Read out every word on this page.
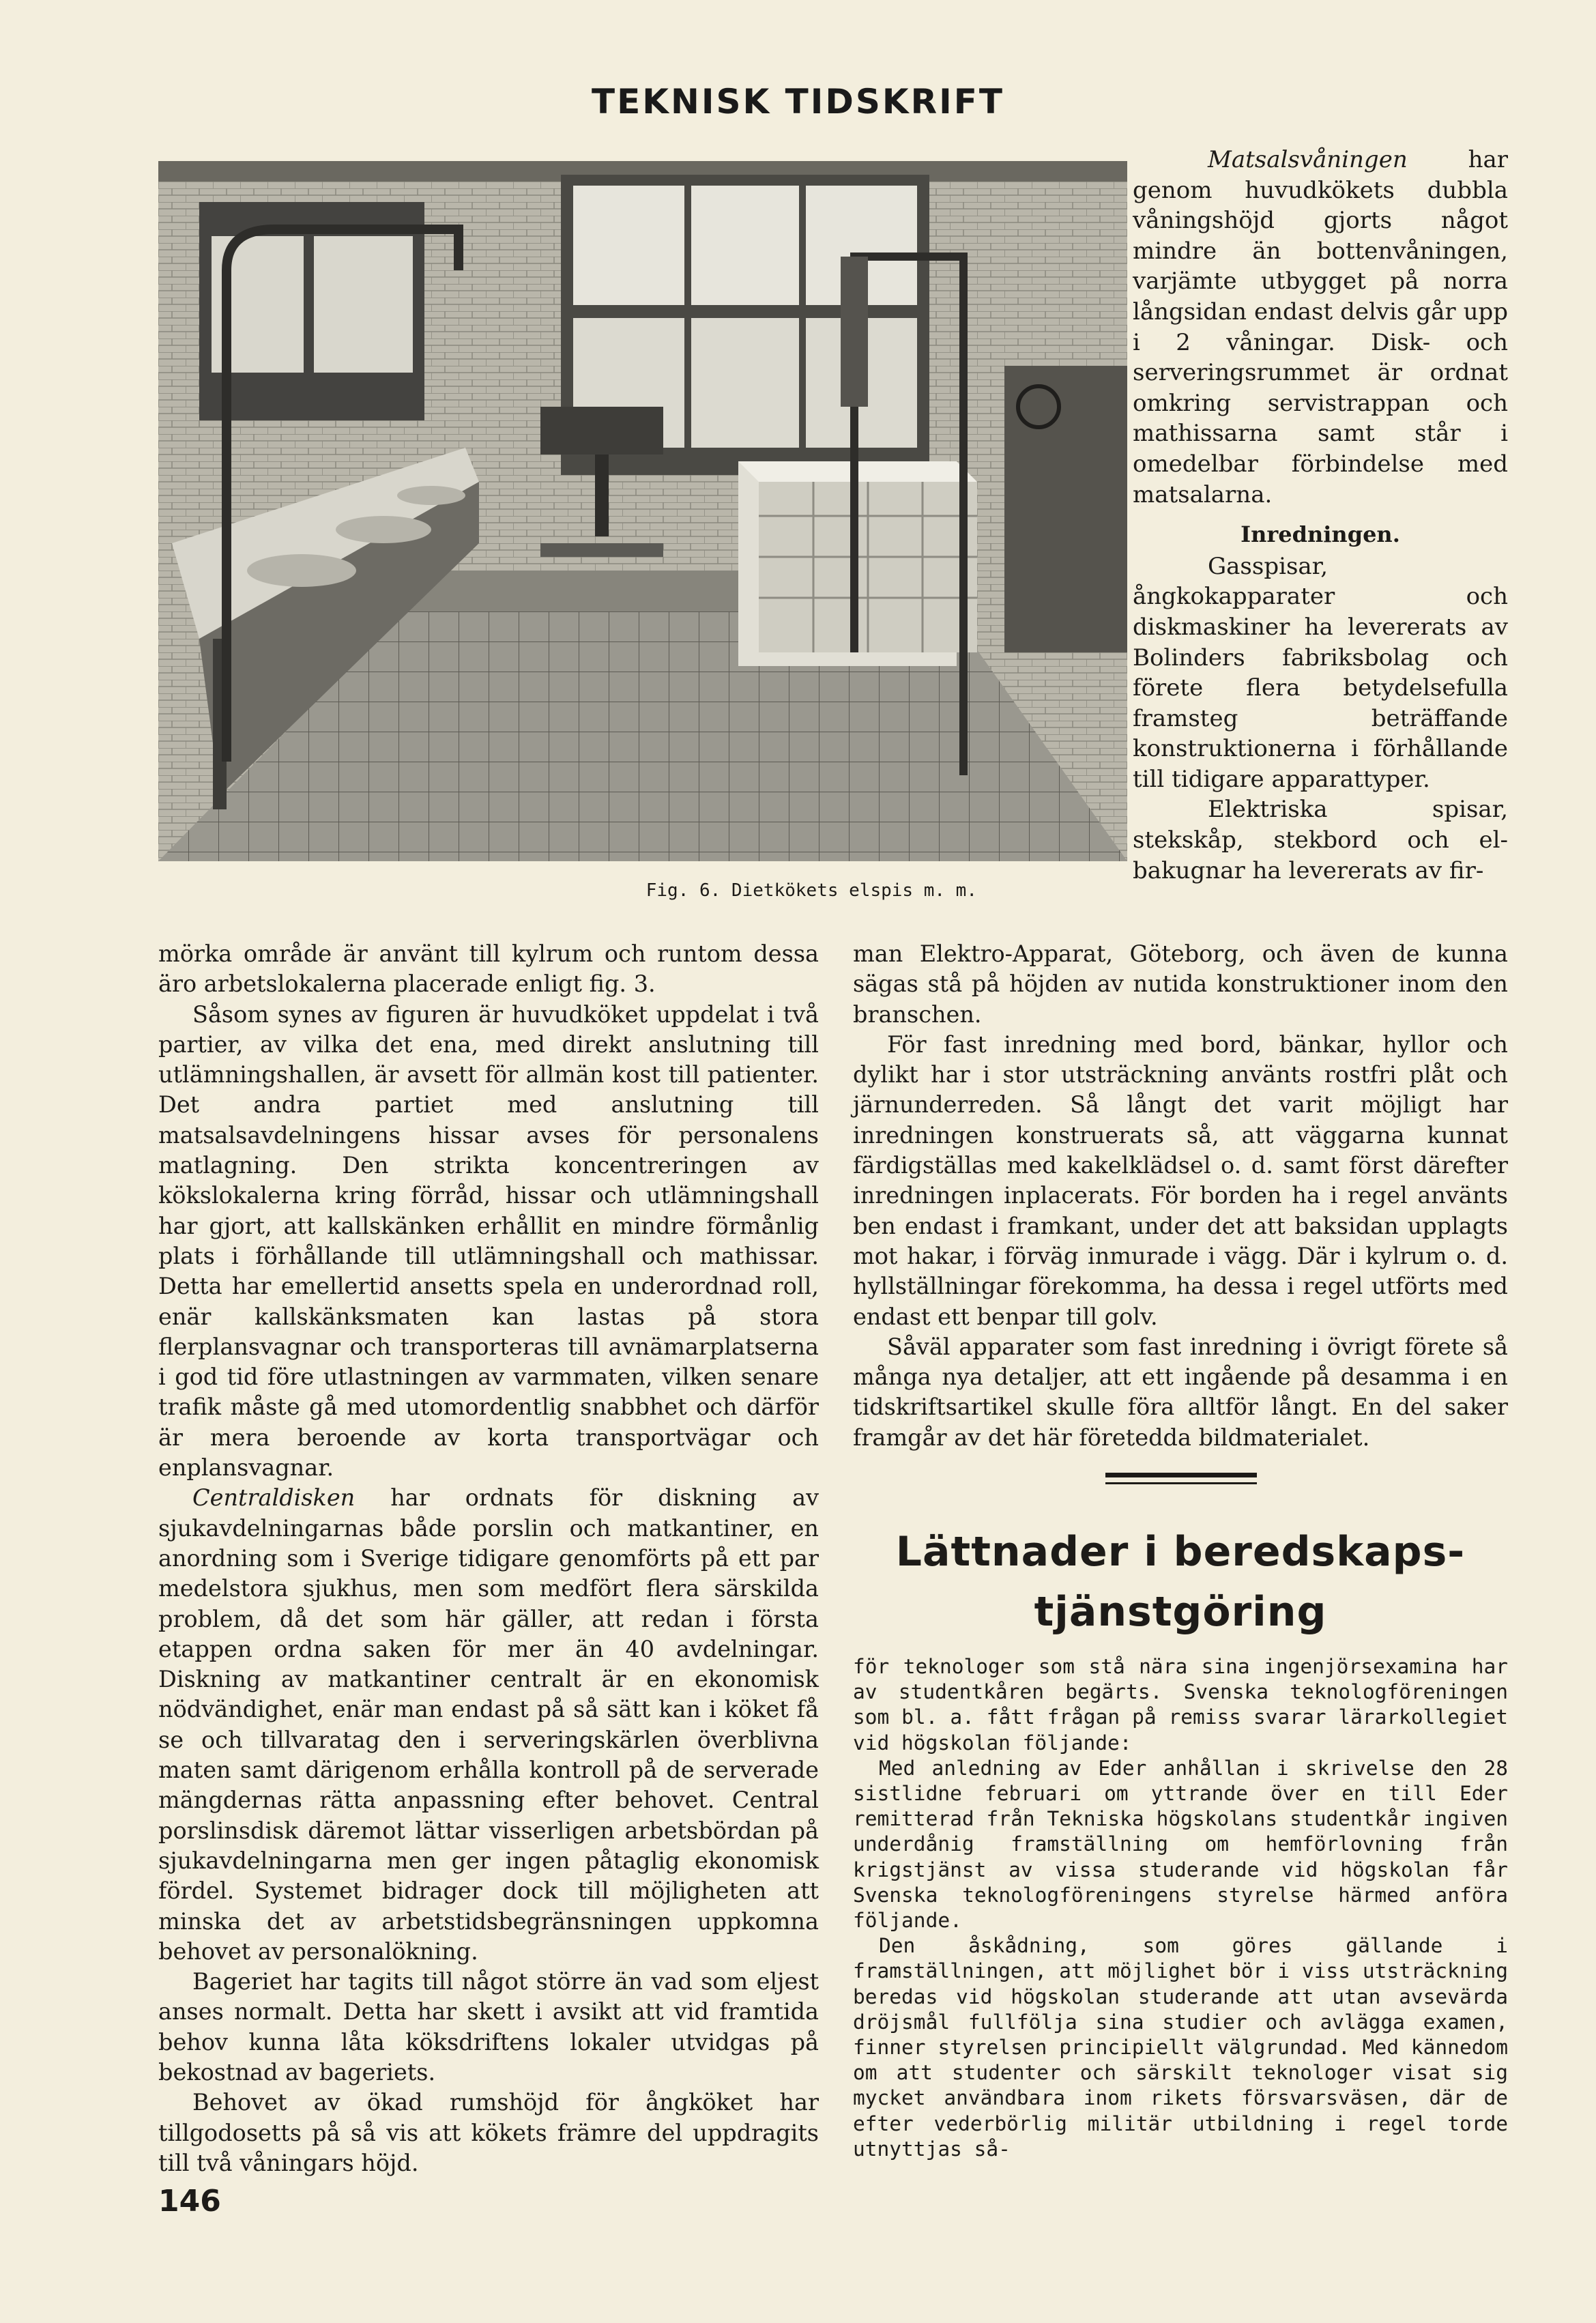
TEKNISK TIDSKRIFT
Fig. 6. Dietkökets elspis m. m.

Matsalsvåningen har genom huvudkökets dubbla våningshöjd gjorts något mindre än bottenvåningen, varjämte utbygget på norra långsidan endast delvis går upp i 2 våningar. Disk- och serveringsrummet är ordnat omkring servistrappan och mathissarna samt står i omedelbar förbindelse med matsalarna.

Inredningen.

Gasspisar, ångkokapparater och diskmaskiner ha levererats av Bolinders fabriksbolag och förete flera betydelsefulla framsteg beträffande konstruktionerna i förhållande till tidigare apparattyper.

Elektriska spisar, stekskåp, stekbord och el-bakugnar ha levererats av fir-

mörka område är använt till kylrum och runtom dessa äro arbetslokalerna placerade enligt fig. 3.

Såsom synes av figuren är huvudköket uppdelat i två partier, av vilka det ena, med direkt anslutning till utlämningshallen, är avsett för allmän kost till patienter. Det andra partiet med anslutning till matsalsavdelningens hissar avses för personalens matlagning. Den strikta koncentreringen av kökslokalerna kring förråd, hissar och utlämningshall har gjort, att kallskänken erhållit en mindre förmånlig plats i förhållande till utlämningshall och mathissar. Detta har emellertid ansetts spela en underordnad roll, enär kallskänksmaten kan lastas på stora flerplansvagnar och transporteras till avnämarplatserna i god tid före utlastningen av varmmaten, vilken senare trafik måste gå med utomordentlig snabbhet och därför är mera beroende av korta transportvägar och enplansvagnar.

Centraldisken har ordnats för diskning av sjukavdelningarnas både porslin och matkantiner, en anordning som i Sverige tidigare genomförts på ett par medelstora sjukhus, men som medfört flera särskilda problem, då det som här gäller, att redan i första etappen ordna saken för mer än 40 avdelningar. Diskning av matkantiner centralt är en ekonomisk nödvändighet, enär man endast på så sätt kan i köket få se och tillvaratag den i serveringskärlen överblivna maten samt därigenom erhålla kontroll på de serverade mängdernas rätta anpassning efter behovet. Central porslinsdisk däremot lättar visserligen arbetsbördan på sjukavdelningarna men ger ingen påtaglig ekonomisk fördel. Systemet bidrager dock till möjligheten att minska det av arbetstidsbegränsningen uppkomna behovet av personalökning.

Bageriet har tagits till något större än vad som eljest anses normalt. Detta har skett i avsikt att vid framtida behov kunna låta köksdriftens lokaler utvidgas på bekostnad av bageriets.

Behovet av ökad rumshöjd för ångköket har tillgodosetts på så vis att kökets främre del uppdragits till två våningars höjd.

man Elektro-Apparat, Göteborg, och även de kunna sägas stå på höjden av nutida konstruktioner inom den branschen.

För fast inredning med bord, bänkar, hyllor och dylikt har i stor utsträckning använts rostfri plåt och järnunderreden. Så långt det varit möjligt har inredningen konstruerats så, att väggarna kunnat färdigställas med kakelklädsel o. d. samt först därefter inredningen inplacerats. För borden ha i regel använts ben endast i framkant, under det att baksidan upplagts mot hakar, i förväg inmurade i vägg. Där i kylrum o. d. hyllställningar förekomma, ha dessa i regel utförts med endast ett benpar till golv.

Såväl apparater som fast inredning i övrigt förete så många nya detaljer, att ett ingående på desamma i en tidskriftsartikel skulle föra alltför långt. En del saker framgår av det här företedda bildmaterialet.

Lättnader i beredskaps-
tjänstgöring

för teknologer som stå nära sina ingenjörsexamina har av studentkåren begärts. Svenska teknologföreningen som bl. a. fått frågan på remiss svarar lärarkollegiet vid högskolan följande:

Med anledning av Eder anhållan i skrivelse den 28 sistlidne februari om yttrande över en till Eder remitterad från Tekniska högskolans studentkår ingiven underdånig framställning om hemförlovning från krigstjänst av vissa studerande vid högskolan får Svenska teknologföreningens styrelse härmed anföra följande.

Den åskådning, som göres gällande i framställningen, att möjlighet bör i viss utsträckning beredas vid högskolan studerande att utan avsevärda dröjsmål fullfölja sina studier och avlägga examen, finner styrelsen principiellt välgrundad. Med kännedom om att studenter och särskilt teknologer visat sig mycket användbara inom rikets försvarsväsen, där de efter vederbörlig militär utbildning i regel torde utnyttjas så-

146
